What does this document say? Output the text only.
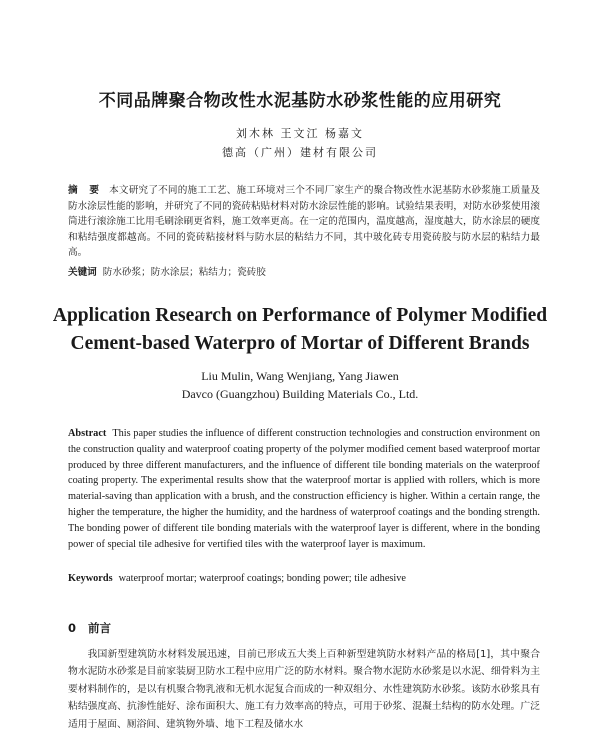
不同品牌聚合物改性水泥基防水砂浆性能的应用研究
刘木林 王文江 杨嘉文
德高（广州）建材有限公司
摘 要 本文研究了不同的施工工艺、施工环境对三个不同厂家生产的聚合物改性水泥基防水砂浆施工质量及防水涂层性能的影响，并研究了不同的瓷砖粘贴材料对防水涂层性能的影响。试验结果表明，对防水砂浆使用滚筒进行滚涂施工比用毛刷涂刷更省料，施工效率更高。在一定的范围内，温度越高，湿度越大，防水涂层的硬度和粘结强度都越高。不同的瓷砖粘接材料与防水层的粘结力不同，其中玻化砖专用瓷砖胶与防水层的粘结力最高。
关键词 防水砂浆；防水涂层；粘结力；瓷砖胶
Application Research on Performance of Polymer Modified
Cement-based Waterpro of Mortar of Different Brands
Liu Mulin, Wang Wenjiang, Yang Jiawen
Davco (Guangzhou) Building Materials Co., Ltd.
Abstract This paper studies the influence of different construction technologies and construction environment on the construction quality and waterproof coating property of the polymer modified cement based waterproof mortar produced by three different manufacturers, and the influence of different tile bonding materials on the waterproof coating property. The experimental results show that the waterproof mortar is applied with rollers, which is more material-saving than application with a brush, and the construction efficiency is higher. Within a certain range, the higher the temperature, the higher the humidity, and the hardness of waterproof coatings and the bonding strength. The bonding power of different tile bonding materials with the waterproof layer is different, where in the bonding power of special tile adhesive for vertified tiles with the waterproof layer is maximum.
Keywords waterproof mortar; waterproof coatings; bonding power; tile adhesive
0 前言
我国新型建筑防水材料发展迅速，目前已形成五大类上百种新型建筑防水材料产品的格局[1]，其中聚合物水泥防水砂浆是目前家装厨卫防水工程中应用广泛的防水材料。聚合物水泥防水砂浆是以水泥、细骨料为主要材料制作的，是以有机聚合物乳液和无机水泥复合而成的一种双组分、水性建筑防水砂浆。该防水砂浆具有粘结强度高、抗渗性能好、涂布面积大、施工有力效率高的特点，可用于砂浆、混凝土结构的防水处理。广泛适用于屋面、厕浴间、建筑物外墙、地下工程及储水水
